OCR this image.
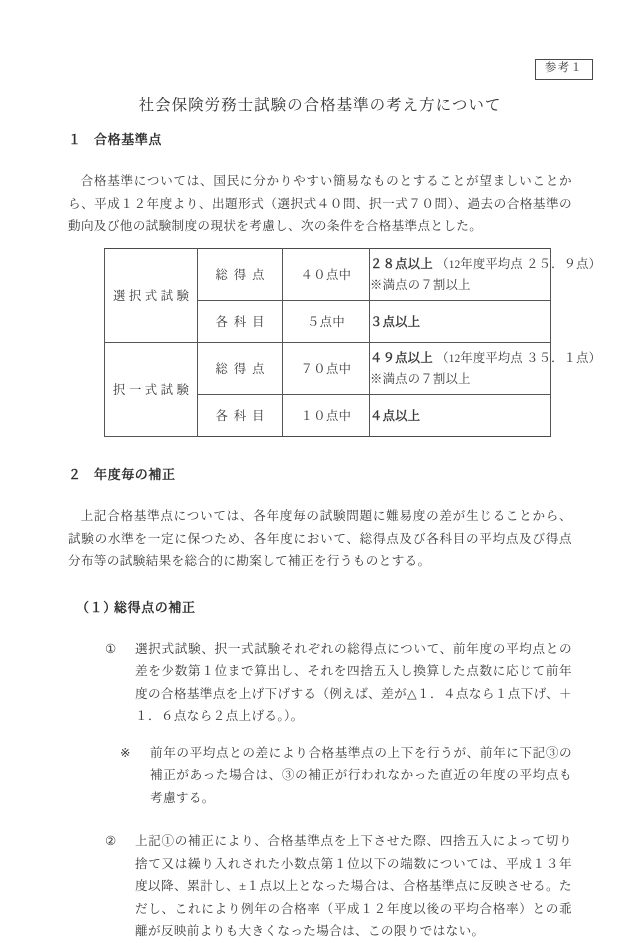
参考１
社会保険労務士試験の合格基準の考え方について
１ 合格基準点

合格基準については、国民に分かりやすい簡易なものとすることが望ましいことから、平成１２年度より、出題形式（選択式４０問、択一式７０問）、過去の合格基準の動向及び他の試験制度の現状を考慮し、次の条件を合格基準点とした。

選択式試験	総得点	４０点中	２８点以上 （12年度平均点 ２５．９点）
※満点の７割以上

	各科目	５点中	３点以上
択一式試験	総得点	７０点中	４９点以上 （12年度平均点 ３５．１点）
※満点の７割以上

	各科目	１０点中	４点以上
２ 年度毎の補正

上記合格基準点については、各年度毎の試験問題に難易度の差が生じることから、試験の水準を一定に保つため、各年度において、総得点及び各科目の平均点及び得点分布等の試験結果を総合的に勘案して補正を行うものとする。

（１）総得点の補正
①	選択式試験、択一式試験それぞれの総得点について、前年度の平均点との差を少数第１位まで算出し、それを四捨五入し換算した点数に応じて前年度の合格基準点を上げ下げする（例えば、差が△１．４点なら１点下げ、＋１．６点なら２点上げる。）。
※	前年の平均点との差により合格基準点の上下を行うが、前年に下記③の補正があった場合は、③の補正が行われなかった直近の年度の平均点も考慮する。
②	上記①の補正により、合格基準点を上下させた際、四捨五入によって切り捨て又は繰り入れされた小数点第１位以下の端数については、平成１３年度以降、累計し、±１点以上となった場合は、合格基準点に反映させる。ただし、これにより例年の合格率（平成１２年度以後の平均合格率）との乖離が反映前よりも大きくなった場合は、この限りではない。
